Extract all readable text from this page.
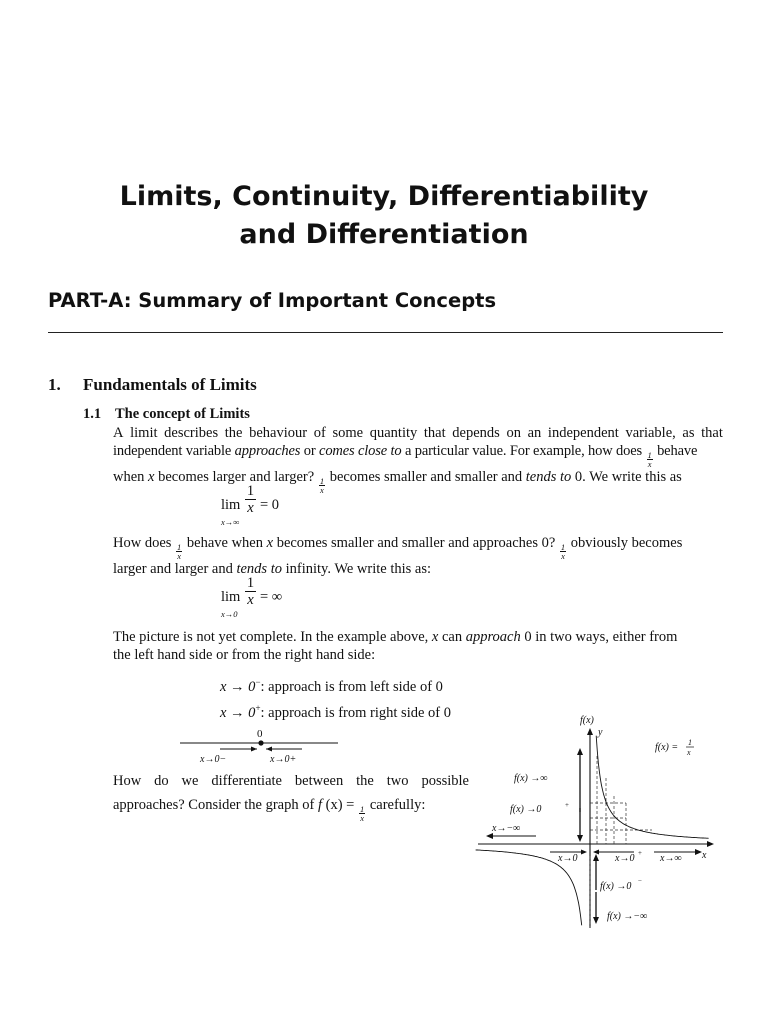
Limits, Continuity, Differentiability
and Differentiation
PART-A: Summary of Important Concepts
1. Fundamentals of Limits
1.1 The concept of Limits
A limit describes the behaviour of some quantity that depends on an independent variable, as that
independent variable approaches or comes close to a particular value. For example, how does $\frac{1}{x}$ behave
when x becomes larger and larger? $\frac{1}{x}$ becomes smaller and smaller and tends to 0. We write this as
lim
x→∞
1
x = 0
How does $\frac{1}{x}$ behave when x becomes smaller and smaller and approaches 0? $\frac{1}{x}$ obviously becomes
larger and larger and tends to infinity. We write this as:
lim
x→0
1
x = ∞
The picture is not yet complete. In the example above, x can approach 0 in two ways, either from
the left hand side or from the right hand side:
x → 0−: approach is from left side of 0
x → 0+: approach is from right side of 0
0
x→0−	x→0+
How do we differentiate between the two possible
approaches? Consider the graph of f $(x) = \frac{1}{x}$ carefully:
f(x)
y
x
f(x) = 1
x
f(x) →∞
f(x) →0	+
x→−∞
x→0 −	x→0 + x→∞
f(x) →0 −
f(x) →−∞
